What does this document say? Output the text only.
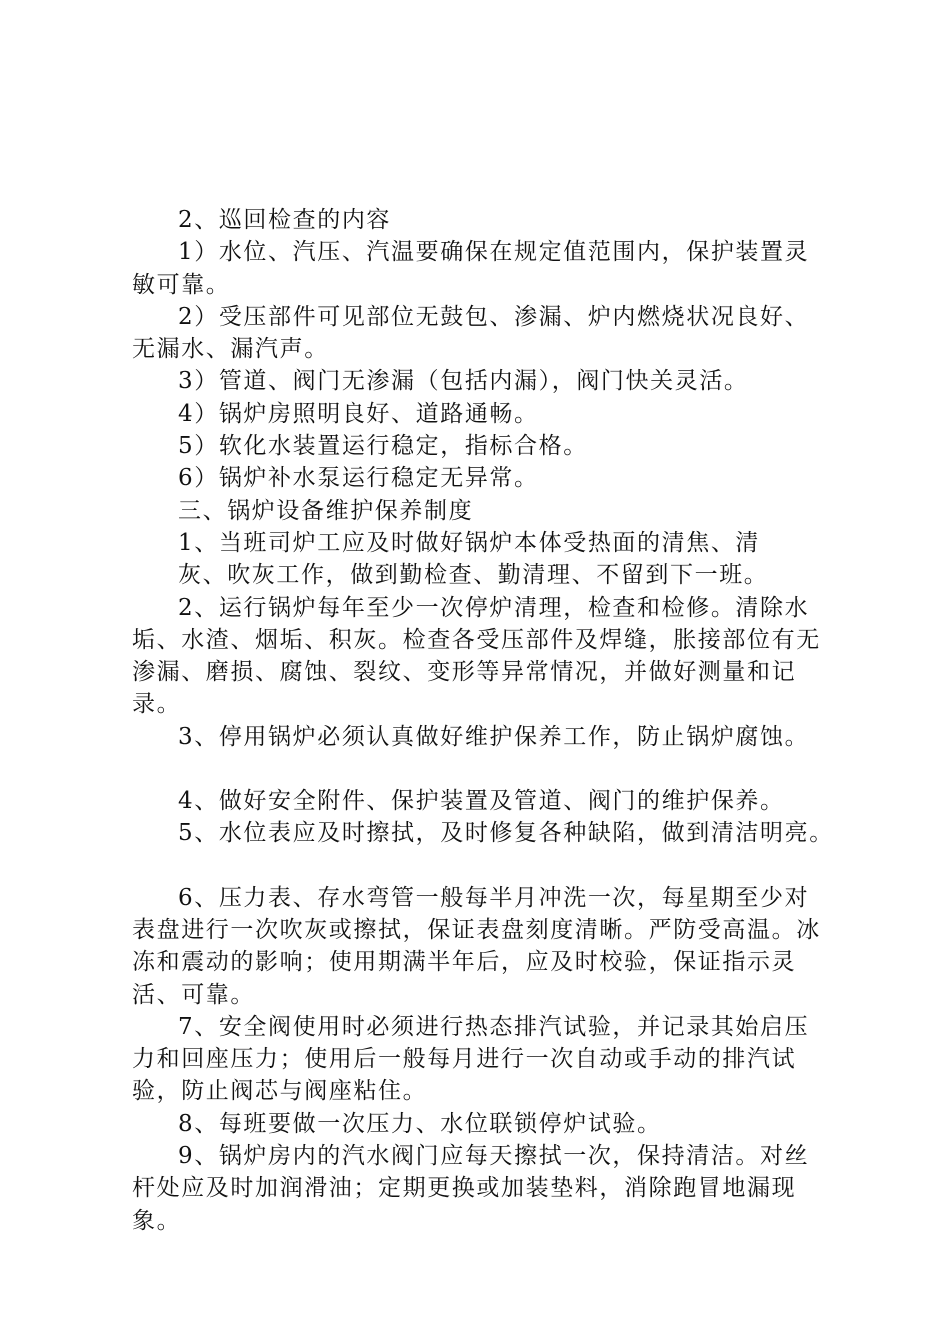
2、巡回检查的内容

1）水位、汽压、汽温要确保在规定值范围内，保护装置灵敏可靠。

2）受压部件可见部位无鼓包、渗漏、炉内燃烧状况良好、无漏水、漏汽声。

3）管道、阀门无渗漏（包括内漏），阀门快关灵活。

4）锅炉房照明良好、道路通畅。

5）软化水装置运行稳定，指标合格。

6）锅炉补水泵运行稳定无异常。

三、锅炉设备维护保养制度

1、当班司炉工应及时做好锅炉本体受热面的清焦、清

灰、吹灰工作，做到勤检查、勤清理、不留到下一班。

2、运行锅炉每年至少一次停炉清理，检查和检修。清除水垢、水渣、烟垢、积灰。检查各受压部件及焊缝，胀接部位有无渗漏、磨损、腐蚀、裂纹、变形等异常情况，并做好测量和记录。

3、停用锅炉必须认真做好维护保养工作，防止锅炉腐蚀。

4、做好安全附件、保护装置及管道、阀门的维护保养。

5、水位表应及时擦拭，及时修复各种缺陷，做到清洁明亮。

6、压力表、存水弯管一般每半月冲洗一次，每星期至少对表盘进行一次吹灰或擦拭，保证表盘刻度清晰。严防受高温。冰冻和震动的影响；使用期满半年后，应及时校验，保证指示灵活、可靠。

7、安全阀使用时必须进行热态排汽试验，并记录其始启压力和回座压力；使用后一般每月进行一次自动或手动的排汽试验，防止阀芯与阀座粘住。

8、每班要做一次压力、水位联锁停炉试验。

9、锅炉房内的汽水阀门应每天擦拭一次，保持清洁。对丝杆处应及时加润滑油；定期更换或加装垫料，消除跑冒地漏现象。
